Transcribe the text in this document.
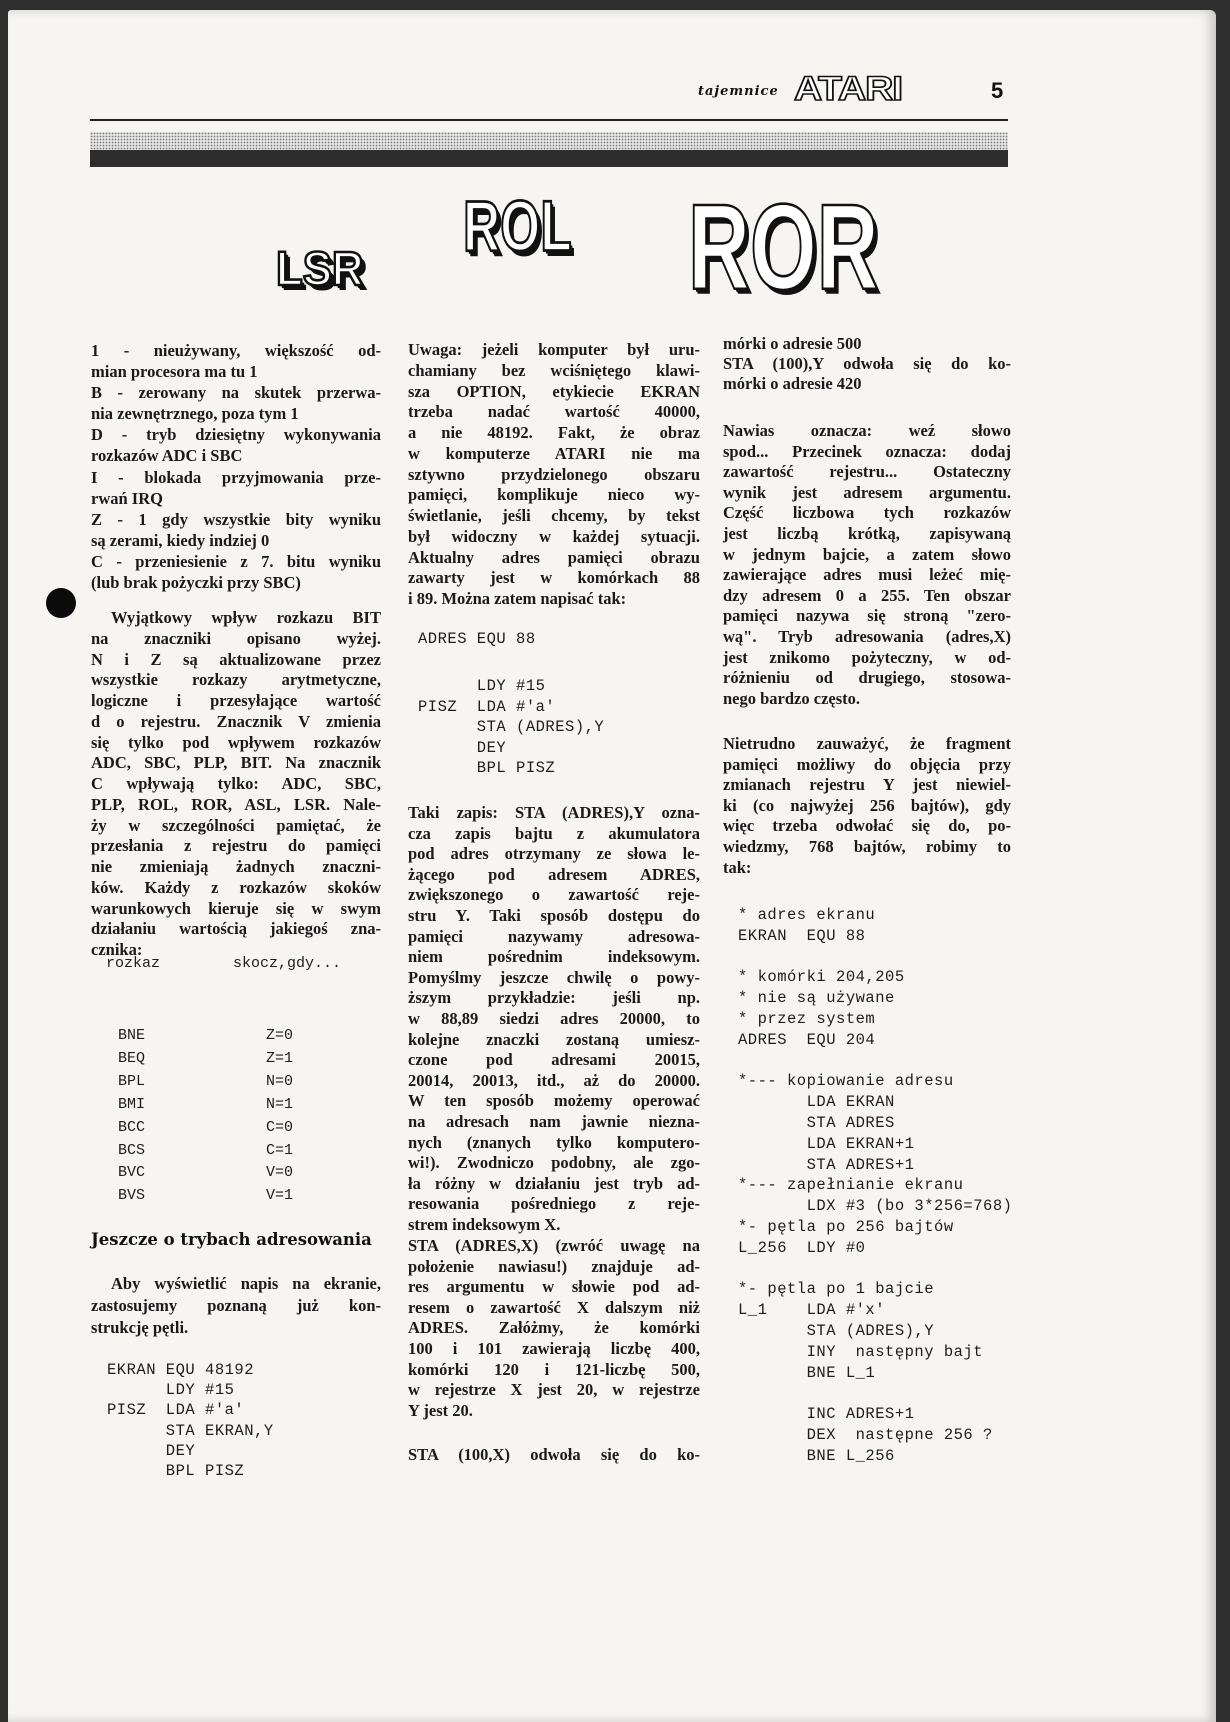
tajemnice ATARI	5
LSR
ROL ROR
1 - nieużywany, większość od-
mian procesora ma tu 1
B - zerowany na skutek przerwa-
nia zewnętrznego, poza tym 1
D - tryb dziesiętny wykonywania
rozkazów ADC i SBC
I - blokada przyjmowania prze-
rwań IRQ
Z - 1 gdy wszystkie bity wyniku
są zerami, kiedy indziej 0
C - przeniesienie z 7. bitu wyniku
(lub brak pożyczki przy SBC)
Wyjątkowy wpływ rozkazu BIT
na znaczniki opisano wyżej.
N i Z są aktualizowane przez
wszystkie rozkazy arytmetyczne,
logiczne i przesyłające wartość
d o rejestru. Znacznik V zmienia
się tylko pod wpływem rozkazów
ADC, SBC, PLP, BIT. Na znacznik
C wpływają tylko: ADC, SBC,
PLP, ROL, ROR, ASL, LSR. Nale-
ży w szczególności pamiętać, że
przesłania z rejestru do pamięci
nie zmieniają żadnych znaczni-
ków. Każdy z rozkazów skoków
warunkowych kieruje się w swym
działaniu wartością jakiegoś zna-
cznika:
rozkaz	skocz,gdy...
BNE	Z=0
BEQ	Z=1
BPL	N=0
BMI	N=1
BCC	C=0
BCS	C=1
BVC	V=0
BVS	V=1
Jeszcze o trybach adresowania
Aby wyświetlić napis na ekranie,
zastosujemy poznaną już kon-
strukcję pętli.
EKRAN EQU 48192
LDY #15
PISZ  LDA #'a'
STA EKRAN,Y
DEY
BPL PISZ
Uwaga: jeżeli komputer był uru-
chamiany bez wciśniętego klawi-
sza OPTION, etykiecie EKRAN
trzeba nadać wartość 40000,
a nie 48192. Fakt, że obraz
w komputerze ATARI nie ma
sztywno przydzielonego obszaru
pamięci, komplikuje nieco wy-
świetlanie, jeśli chcemy, by tekst
był widoczny w każdej sytuacji.
Aktualny adres pamięci obrazu
zawarty jest w komórkach 88
i 89. Można zatem napisać tak:
ADRES EQU 88
LDY #15
PISZ  LDA #'a'
STA (ADRES),Y
DEY
BPL PISZ
Taki zapis: STA (ADRES),Y ozna-
cza zapis bajtu z akumulatora
pod adres otrzymany ze słowa le-
żącego pod adresem ADRES,
zwiększonego o zawartość reje-
stru Y. Taki sposób dostępu do
pamięci nazywamy adresowa-
niem pośrednim indeksowym.
Pomyślmy jeszcze chwilę o powy-
ższym przykładzie: jeśli np.
w 88,89 siedzi adres 20000, to
kolejne znaczki zostaną umiesz-
czone pod adresami 20015,
20014, 20013, itd., aż do 20000.
W ten sposób możemy operować
na adresach nam jawnie niezna-
nych (znanych tylko komputero-
wi!). Zwodniczo podobny, ale zgo-
ła różny w działaniu jest tryb ad-
resowania pośredniego z reje-
strem indeksowym X.
STA (ADRES,X) (zwróć uwagę na
położenie nawiasu!) znajduje ad-
res argumentu w słowie pod ad-
resem o zawartość X dalszym niż
ADRES. Załóżmy, że komórki
100 i 101 zawierają liczbę 400,
komórki 120 i 121-liczbę 500,
w rejestrze X jest 20, w rejestrze
Y jest 20.
STA (100,X) odwoła się do ko-
mórki o adresie 500
STA (100),Y odwoła się do ko-
mórki o adresie 420
Nawias oznacza: weź słowo
spod... Przecinek oznacza: dodaj
zawartość rejestru... Ostateczny
wynik jest adresem argumentu.
Część liczbowa tych rozkazów
jest liczbą krótką, zapisywaną
w jednym bajcie, a zatem słowo
zawierające adres musi leżeć mię-
dzy adresem 0 a 255. Ten obszar
pamięci nazywa się stroną "zero-
wą". Tryb adresowania (adres,X)
jest znikomo pożyteczny, w od-
różnieniu od drugiego, stosowa-
nego bardzo często.
Nietrudno zauważyć, że fragment
pamięci możliwy do objęcia przy
zmianach rejestru Y jest niewiel-
ki (co najwyżej 256 bajtów), gdy
więc trzeba odwołać się do, po-
wiedzmy, 768 bajtów, robimy to
tak:
* adres ekranu
EKRAN  EQU 88

* komórki 204,205
* nie są używane
* przez system
ADRES  EQU 204

*--- kopiowanie adresu
LDA EKRAN
STA ADRES
LDA EKRAN+1
STA ADRES+1
*--- zapełnianie ekranu
LDX #3 (bo 3*256=768)
*- pętla po 256 bajtów
L_256  LDY #0

*- pętla po 1 bajcie
L_1    LDA #'x'
STA (ADRES),Y
INY  następny bajt
BNE L_1

INC ADRES+1
DEX  następne 256 ?
BNE L_256
